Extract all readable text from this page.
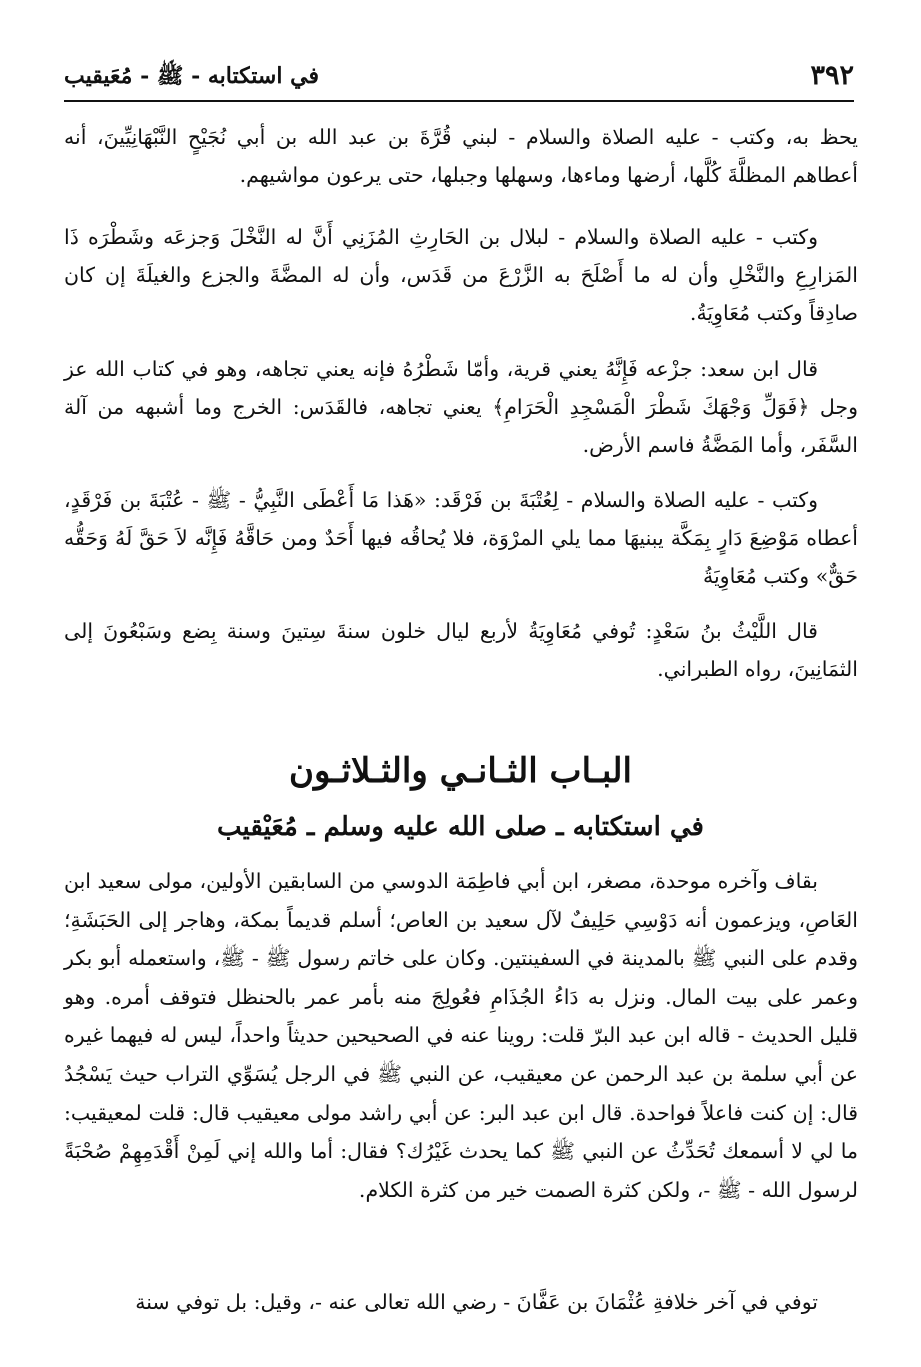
٣٩٢
في استكتابه - ﷺ - مُعَيقيب

يحظ به، وكتب - عليه الصلاة والسلام - لبني قُرَّةَ بن عبد الله بن أبي نُجَيْحٍ النَّبْهَانِيِّينَ، أنه أعطاهم المظلَّةَ كُلَّها، أرضها وماءها، وسهلها وجبلها، حتى يرعون مواشيهم.

وكتب - عليه الصلاة والسلام - لبلال بن الحَارِثِ المُزَنِي أَنَّ له النَّخْلَ وَجزعَه وشَطْرَه ذَا المَزارِعِ والنَّخْلِ وأن له ما أَصْلَحَ به الزَّرْعَ من قَدَس، وأن له المضَّةَ والجزع والغيلَةَ إن كان صادِقاً وكتب مُعَاوِيَةُ.

قال ابن سعد: جزْعه فَإِنَّهُ يعني قرية، وأمّا شَطْرُهُ فإنه يعني تجاهه، وهو في كتاب الله عز وجل ﴿فَوَلِّ وَجْهَكَ شَطْرَ الْمَسْجِدِ الْحَرَامِ﴾ يعني تجاهه، فالقَدَس: الخرج وما أشبهه من آلة السَّفَر، وأما المَضَّةُ فاسم الأرض.

وكتب - عليه الصلاة والسلام - لِعُتْبَةَ بن فَرْقَد: «هَذا مَا أَعْطَى النَّبِيُّ - ﷺ - عُتْبَةَ بن فَرْقَدٍ، أعطاه مَوْضِعَ دَارٍ بِمَكَّة يبنيهَا مما يلي المرْوَة، فلا يُحاقُه فيها أَحَدٌ ومن حَاقَّهُ فَإِنَّه لاَ حَقَّ لَهُ وَحَقُّه حَقٌّ» وكتب مُعَاوِيَةُ

قال اللَّيْثُ بنُ سَعْدٍ: تُوفي مُعَاوِيَةُ لأربع ليال خلون سنةَ سِتينَ وسنة بِضع وسَبْعُونَ إلى الثمَانِينَ، رواه الطبراني.

البـاب الثـانـي والثـلاثـون
في استكتابه ـ صلى الله عليه وسلم ـ مُعَيْقيب

بقاف وآخره موحدة، مصغر، ابن أبي فاطِمَة الدوسي من السابقين الأولين، مولى سعيد ابن العَاصِ، ويزعمون أنه دَوْسِي حَلِيفٌ لآل سعيد بن العاص؛ أسلم قديماً بمكة، وهاجر إلى الحَبَشَةِ؛ وقدم على النبي ﷺ بالمدينة في السفينتين. وكان على خاتم رسول ﷺ - ﷺ، واستعمله أبو بكر وعمر على بيت المال. ونزل به دَاءُ الجُذَامِ فعُولِجَ منه بأمر عمر بالحنظل فتوقف أمره. وهو قليل الحديث - قاله ابن عبد البرّ قلت: روينا عنه في الصحيحين حديثاً واحداً، ليس له فيهما غيره عن أبي سلمة بن عبد الرحمن عن معيقيب، عن النبي ﷺ في الرجل يُسَوِّي التراب حيث يَسْجُدُ قال: إن كنت فاعلاً فواحدة. قال ابن عبد البر: عن أبي راشد مولى معيقيب قال: قلت لمعيقيب: ما لي لا أسمعك تُحَدِّثُ عن النبي ﷺ كما يحدث غَيْرُك؟ فقال: أما والله إني لَمِنْ أَقْدَمِهِمْ صُحْبَةً لرسول الله - ﷺ -، ولكن كثرة الصمت خير من كثرة الكلام.

توفي في آخر خلافةِ عُثْمَانَ بن عَفَّانَ - رضي الله تعالى عنه -، وقيل: بل توفي سنة
